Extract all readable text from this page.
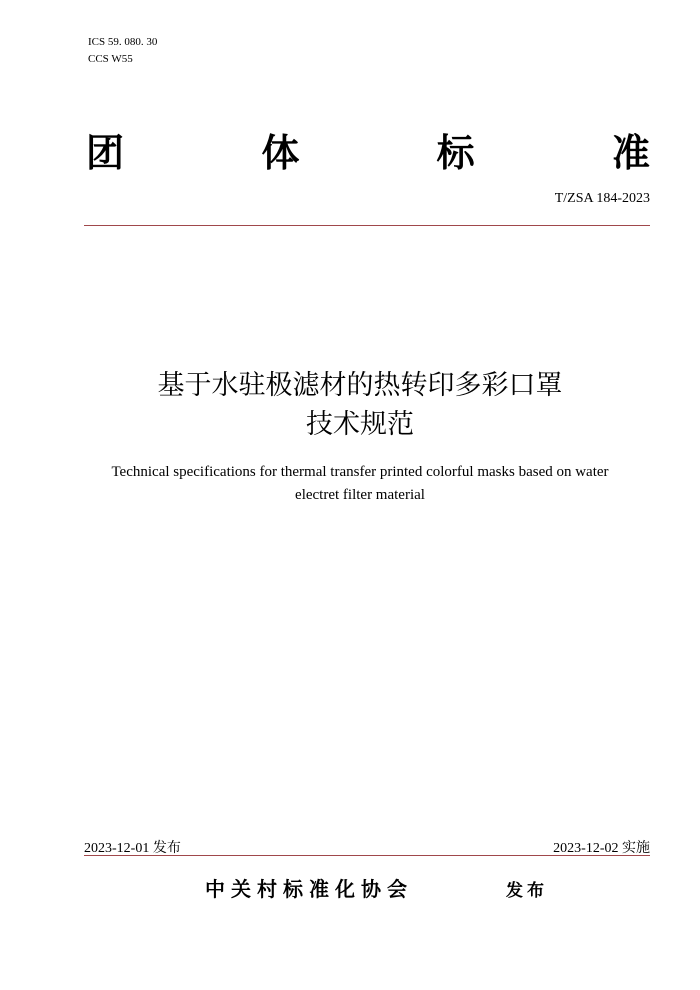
ICS 59. 080. 30
CCS W55
团	体	标	准
T/ZSA 184-2023
基于水驻极滤材的热转印多彩口罩
技术规范
Technical specifications for thermal transfer printed colorful masks based on water
electret filter material
2023-12-01 发布	2023-12-02 实施
中关村标准化协会	发布
